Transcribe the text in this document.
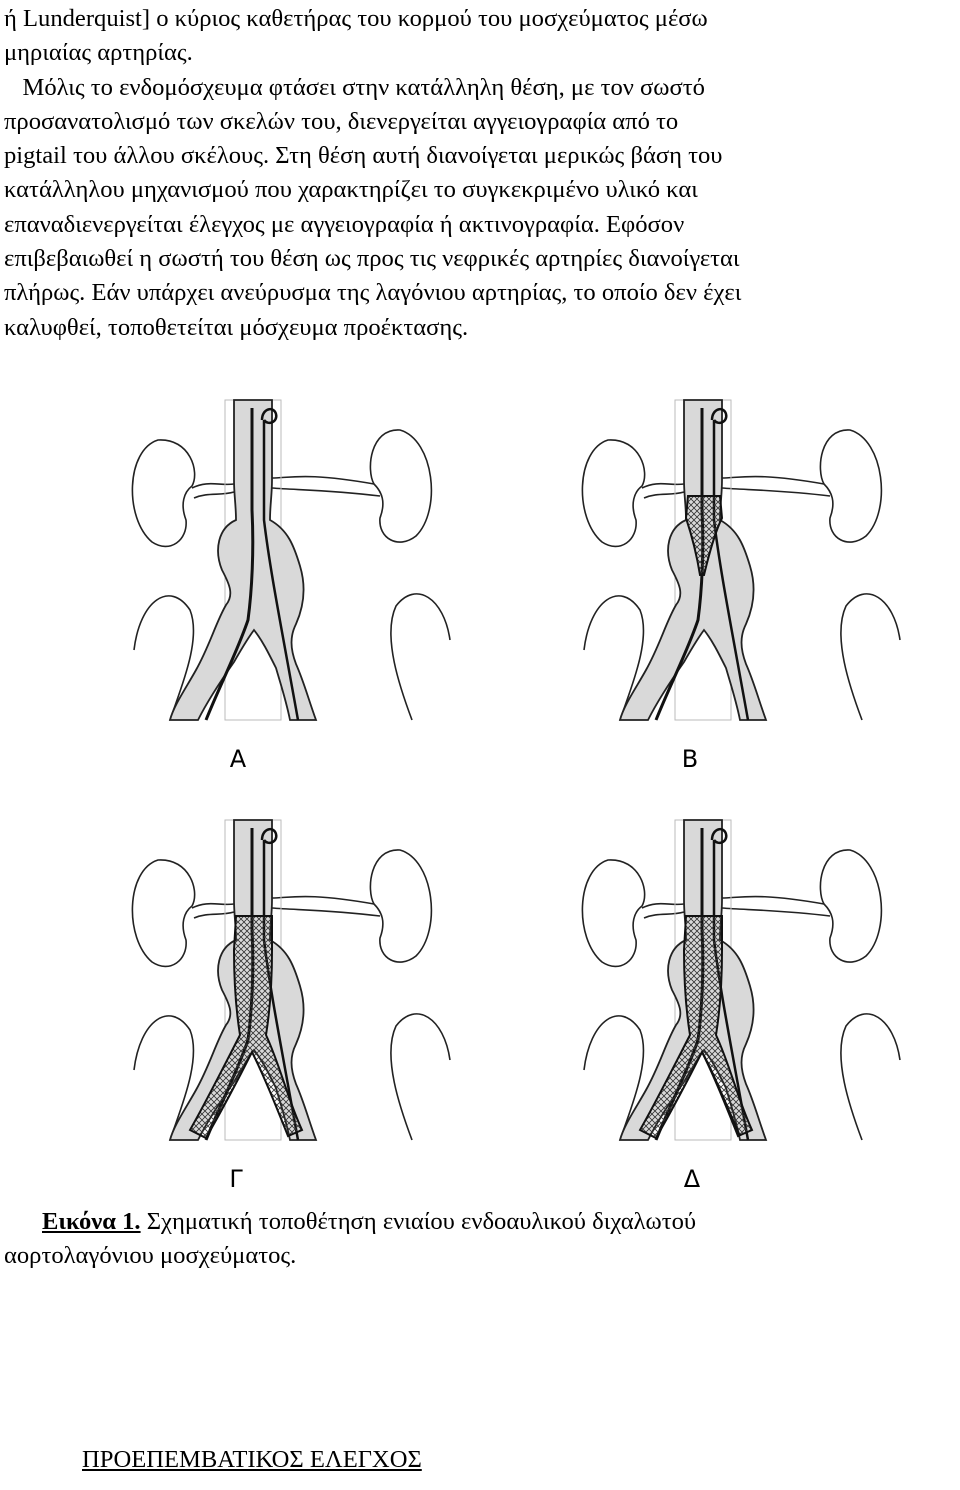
ή Lunderquist] ο κύριος καθετήρας του κορμού του μοσχεύματος μέσω
μηριαίας αρτηρίας.
Μόλις το ενδομόσχευμα φτάσει στην κατάλληλη θέση, με τον σωστό
προσανατολισμό των σκελών του, διενεργείται αγγειογραφία από το
pigtail του άλλου σκέλους. Στη θέση αυτή διανοίγεται μερικώς βάση του
κατάλληλου μηχανισμού που χαρακτηρίζει το συγκεκριμένο υλικό και
επαναδιενεργείται έλεγχος με αγγειογραφία ή ακτινογραφία. Εφόσον
επιβεβαιωθεί η σωστή του θέση ως προς τις νεφρικές αρτηρίες διανοίγεται
πλήρως. Εάν υπάρχει ανεύρυσμα της λαγόνιου αρτηρίας, το οποίο δεν έχει
καλυφθεί, τοποθετείται μόσχευμα προέκτασης.
Α	Β
Γ	Δ
Εικόνα 1. Σχηματική τοποθέτηση ενιαίου ενδοαυλικού διχαλωτού
αορτολαγόνιου μοσχεύματος.
ΠΡΟΕΠΕΜΒΑΤΙΚΟΣ ΕΛΕΓΧΟΣ
